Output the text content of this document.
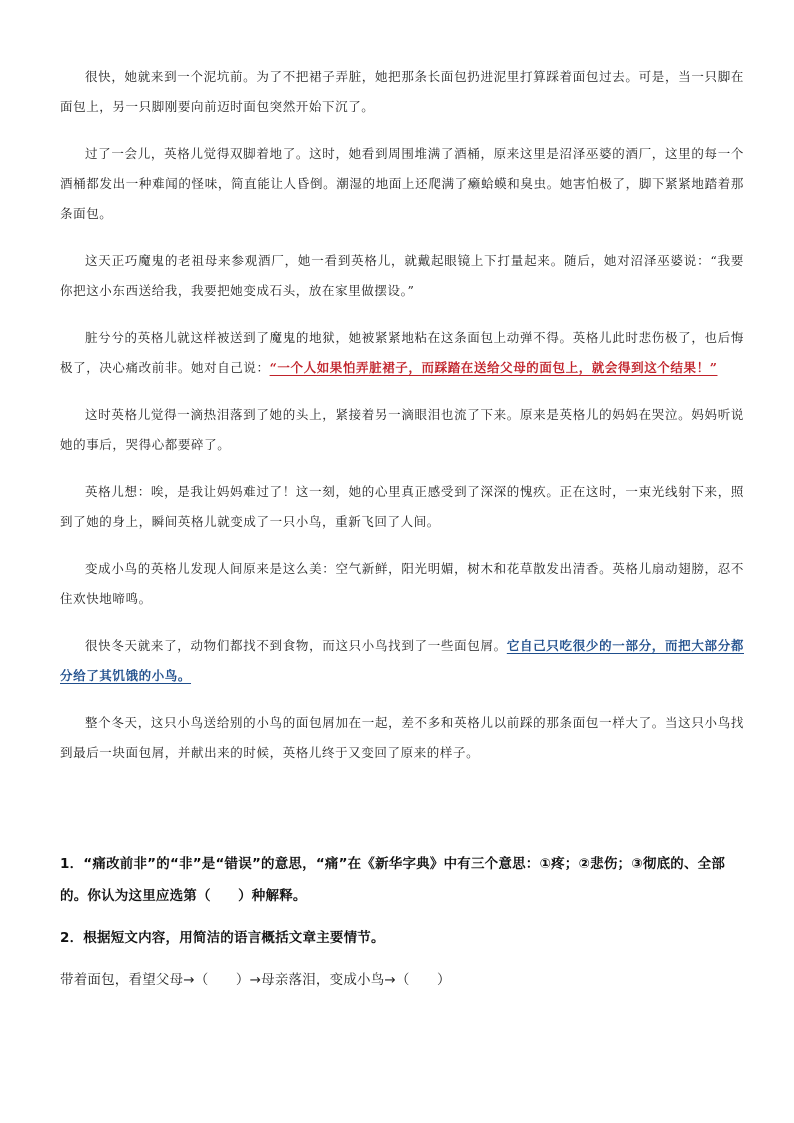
很快，她就来到一个泥坑前。为了不把裙子弄脏，她把那条长面包扔进泥里打算踩着面包过去。可是，当一只脚在面包上，另一只脚刚要向前迈时面包突然开始下沉了。

过了一会儿，英格儿觉得双脚着地了。这时，她看到周围堆满了酒桶，原来这里是沼泽巫婆的酒厂，这里的每一个酒桶都发出一种难闻的怪味，简直能让人昏倒。潮湿的地面上还爬满了癞蛤蟆和臭虫。她害怕极了，脚下紧紧地踏着那条面包。

这天正巧魔鬼的老祖母来参观酒厂，她一看到英格儿，就戴起眼镜上下打量起来。随后，她对沼泽巫婆说：“我要你把这小东西送给我，我要把她变成石头，放在家里做摆设。”

脏兮兮的英格儿就这样被送到了魔鬼的地狱，她被紧紧地粘在这条面包上动弹不得。英格儿此时悲伤极了，也后悔极了，决心痛改前非。她对自己说：“一个人如果怕弄脏裙子，而踩踏在送给父母的面包上，就会得到这个结果！”

这时英格儿觉得一滴热泪落到了她的头上，紧接着另一滴眼泪也流了下来。原来是英格儿的妈妈在哭泣。妈妈听说她的事后，哭得心都要碎了。

英格儿想：唉，是我让妈妈难过了！这一刻，她的心里真正感受到了深深的愧疚。正在这时，一束光线射下来，照到了她的身上，瞬间英格儿就变成了一只小鸟，重新飞回了人间。

变成小鸟的英格儿发现人间原来是这么美：空气新鲜，阳光明媚，树木和花草散发出清香。英格儿扇动翅膀，忍不住欢快地啼鸣。

很快冬天就来了，动物们都找不到食物，而这只小鸟找到了一些面包屑。它自己只吃很少的一部分，而把大部分都分给了其饥饿的小鸟。

整个冬天，这只小鸟送给别的小鸟的面包屑加在一起，差不多和英格儿以前踩的那条面包一样大了。当这只小鸟找到最后一块面包屑，并献出来的时候，英格儿终于又变回了原来的样子。

1．“痛改前非”的“非”是“错误”的意思，“痛”在《新华字典》中有三个意思：①疼；②悲伤；③彻底的、全部的。你认为这里应选第（　　）种解释。

2．根据短文内容，用简洁的语言概括文章主要情节。

带着面包，看望父母→（　　）→母亲落泪，变成小鸟→（　　）
